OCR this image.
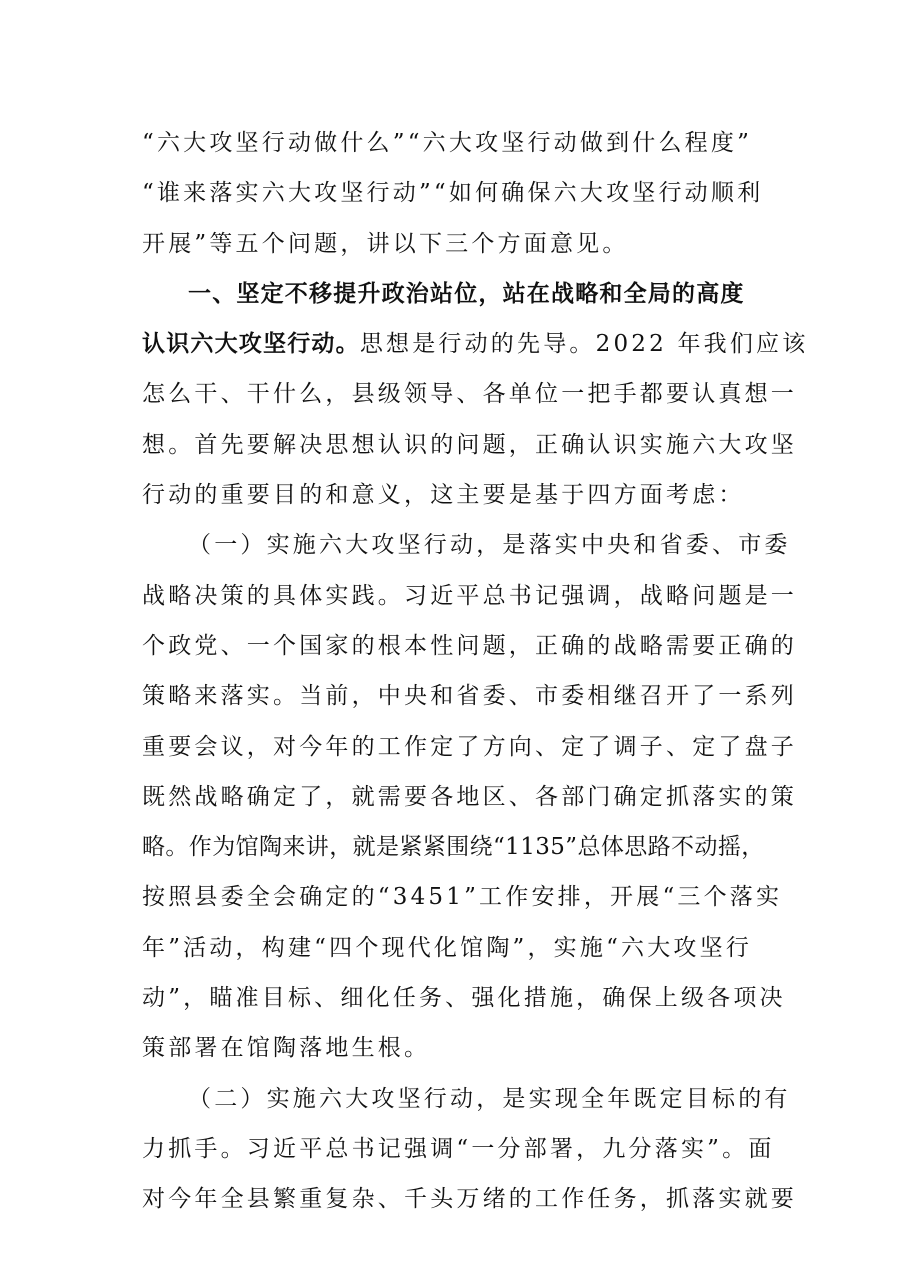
“六大攻坚行动做什么”“六大攻坚行动做到什么程度”
“谁来落实六大攻坚行动”“如何确保六大攻坚行动顺利
开展”等五个问题，讲以下三个方面意见。
一、坚定不移提升政治站位，站在战略和全局的高度
认识六大攻坚行动。思想是行动的先导。2022 年我们应该
怎么干、干什么，县级领导、各单位一把手都要认真想一
想。首先要解决思想认识的问题，正确认识实施六大攻坚
行动的重要目的和意义，这主要是基于四方面考虑：
（一）实施六大攻坚行动，是落实中央和省委、市委
战略决策的具体实践。习近平总书记强调，战略问题是一
个政党、一个国家的根本性问题，正确的战略需要正确的
策略来落实。当前，中央和省委、市委相继召开了一系列
重要会议，对今年的工作定了方向、定了调子、定了盘子
既然战略确定了，就需要各地区、各部门确定抓落实的策
略。作为馆陶来讲，就是紧紧围绕“1135”总体思路不动摇，
按照县委全会确定的“3451”工作安排，开展“三个落实
年”活动，构建“四个现代化馆陶”，实施“六大攻坚行
动”，瞄准目标、细化任务、强化措施，确保上级各项决
策部署在馆陶落地生根。
（二）实施六大攻坚行动，是实现全年既定目标的有
力抓手。习近平总书记强调“一分部署，九分落实”。面
对今年全县繁重复杂、千头万绪的工作任务，抓落实就要
